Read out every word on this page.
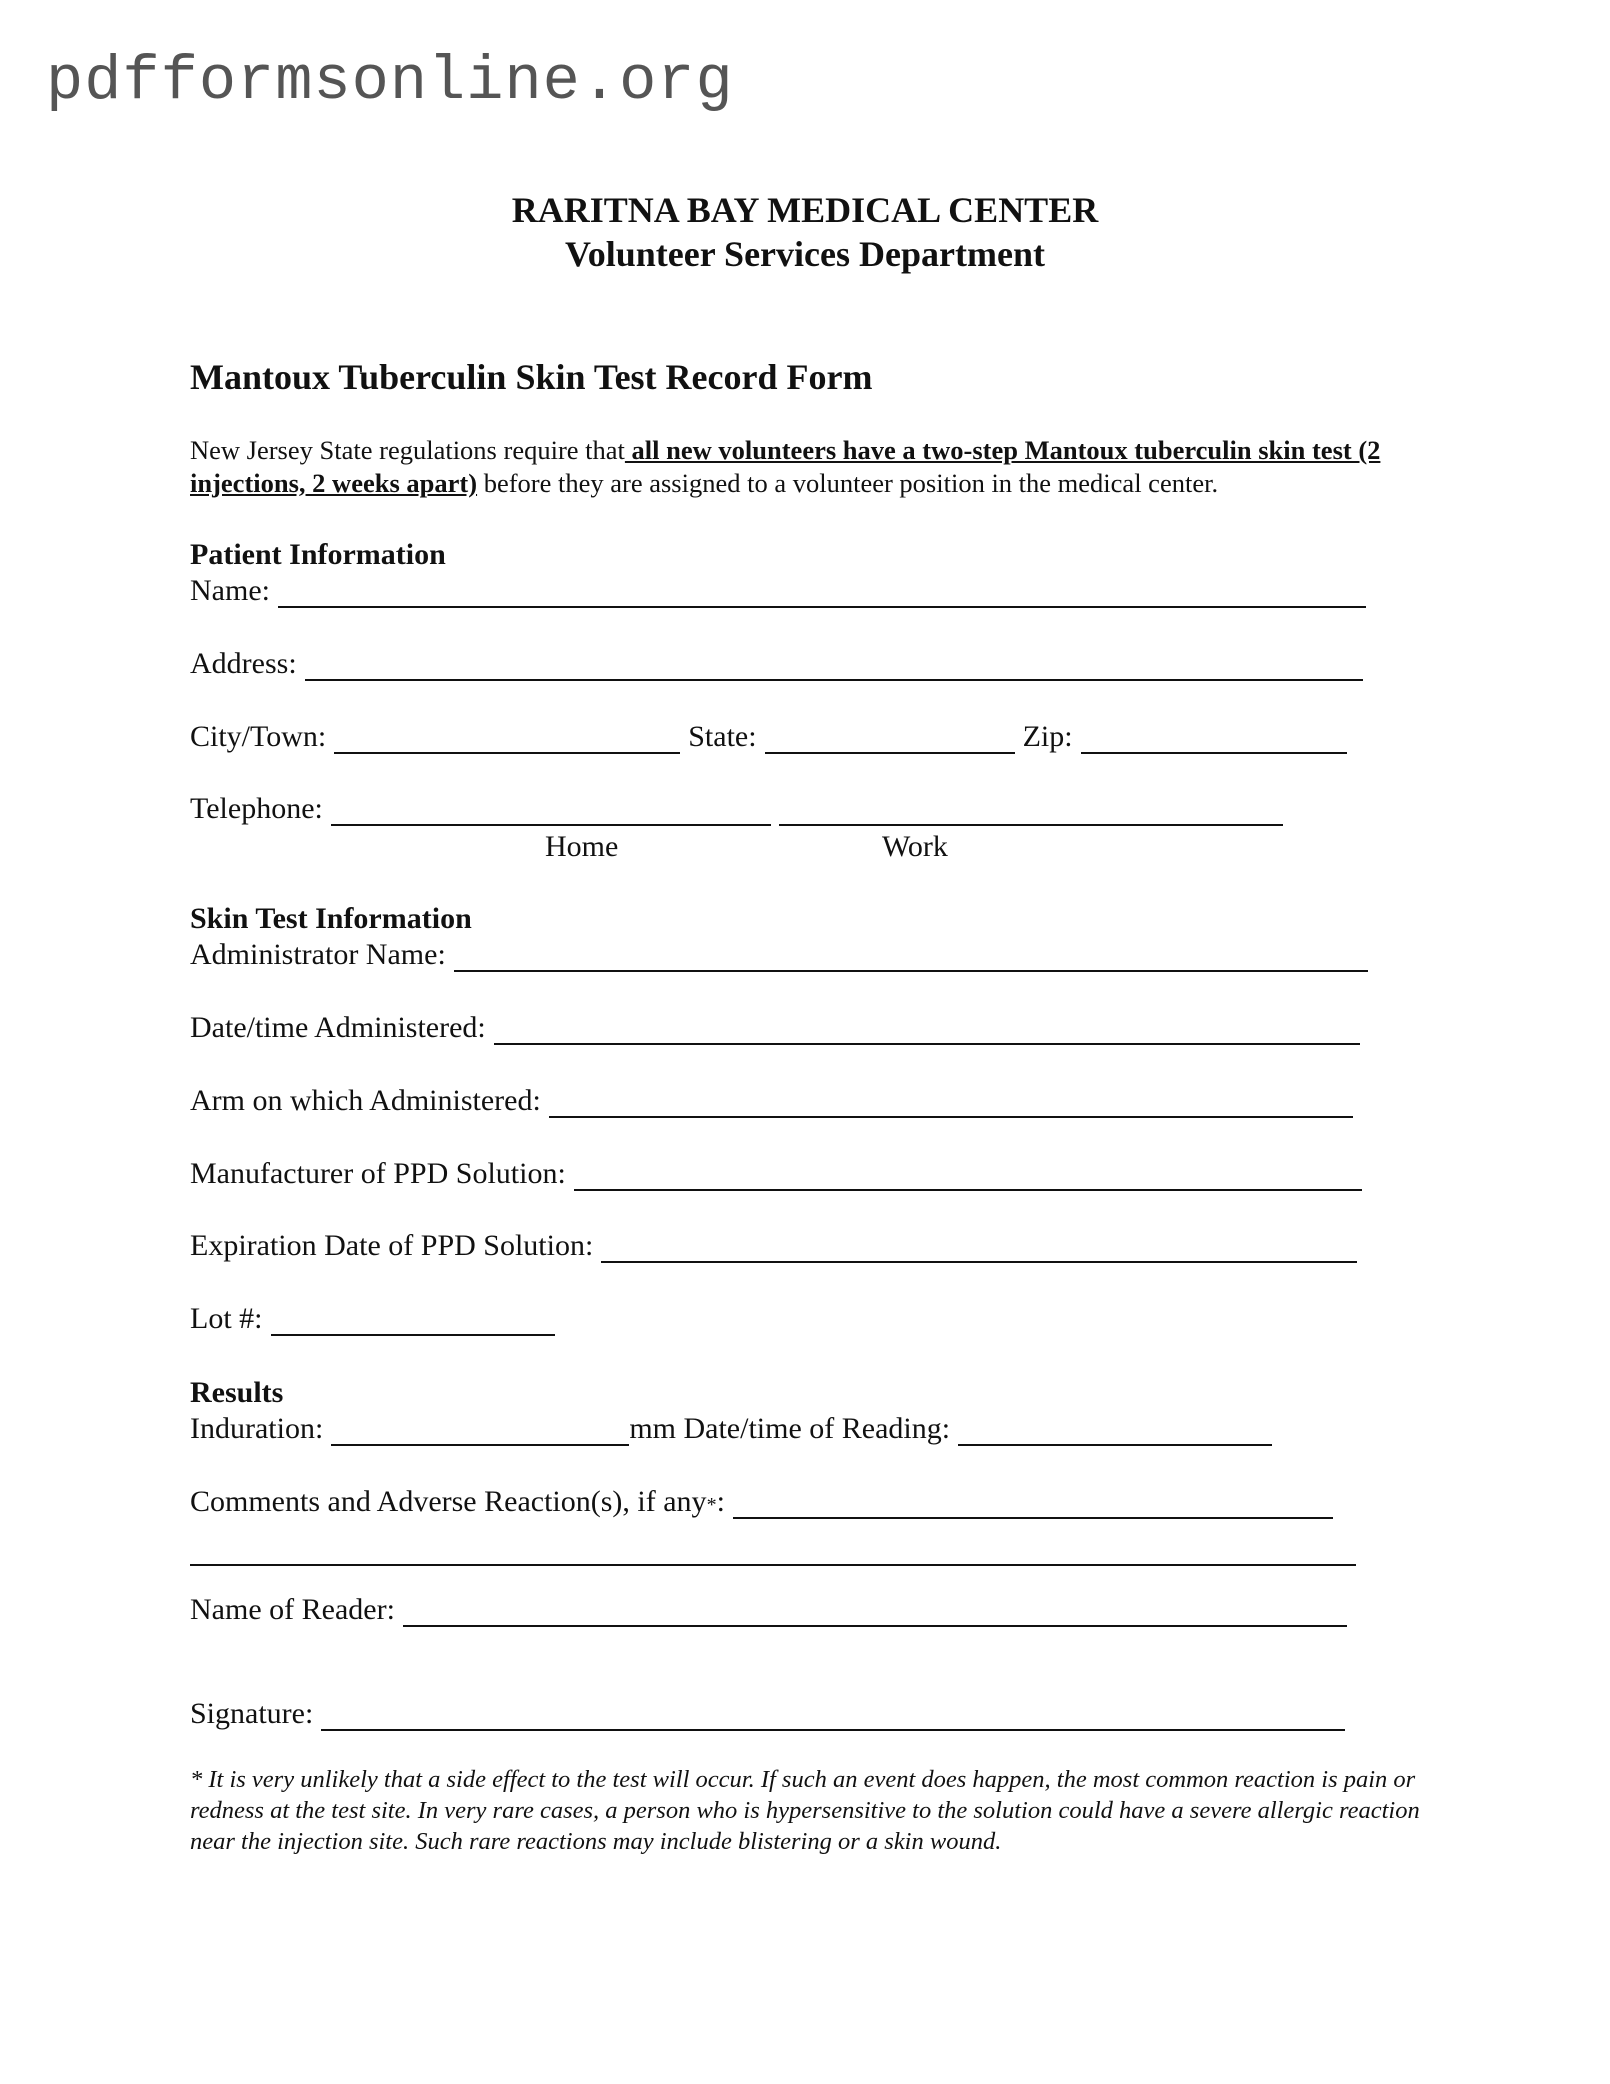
pdfformsonline.org
RARITNA BAY MEDICAL CENTER
Volunteer Services Department
Mantoux Tuberculin Skin Test Record Form
New Jersey State regulations require that all new volunteers have a two-step Mantoux tuberculin skin test (2 injections, 2 weeks apart) before they are assigned to a volunteer position in the medical center.
Patient Information
Name:
Address:
City/Town:	State:	Zip:
Telephone:
Home	Work
Skin Test Information
Administrator Name:
Date/time Administered:
Arm on which Administered:
Manufacturer of PPD Solution:
Expiration Date of PPD Solution:
Lot #:
Results
Induration:	mm Date/time of Reading:
Comments and Adverse Reaction(s), if any*:
Name of Reader:
Signature:
* It is very unlikely that a side effect to the test will occur. If such an event does happen, the most common reaction is pain or redness at the test site. In very rare cases, a person who is hypersensitive to the solution could have a severe allergic reaction near the injection site. Such rare reactions may include blistering or a skin wound.
